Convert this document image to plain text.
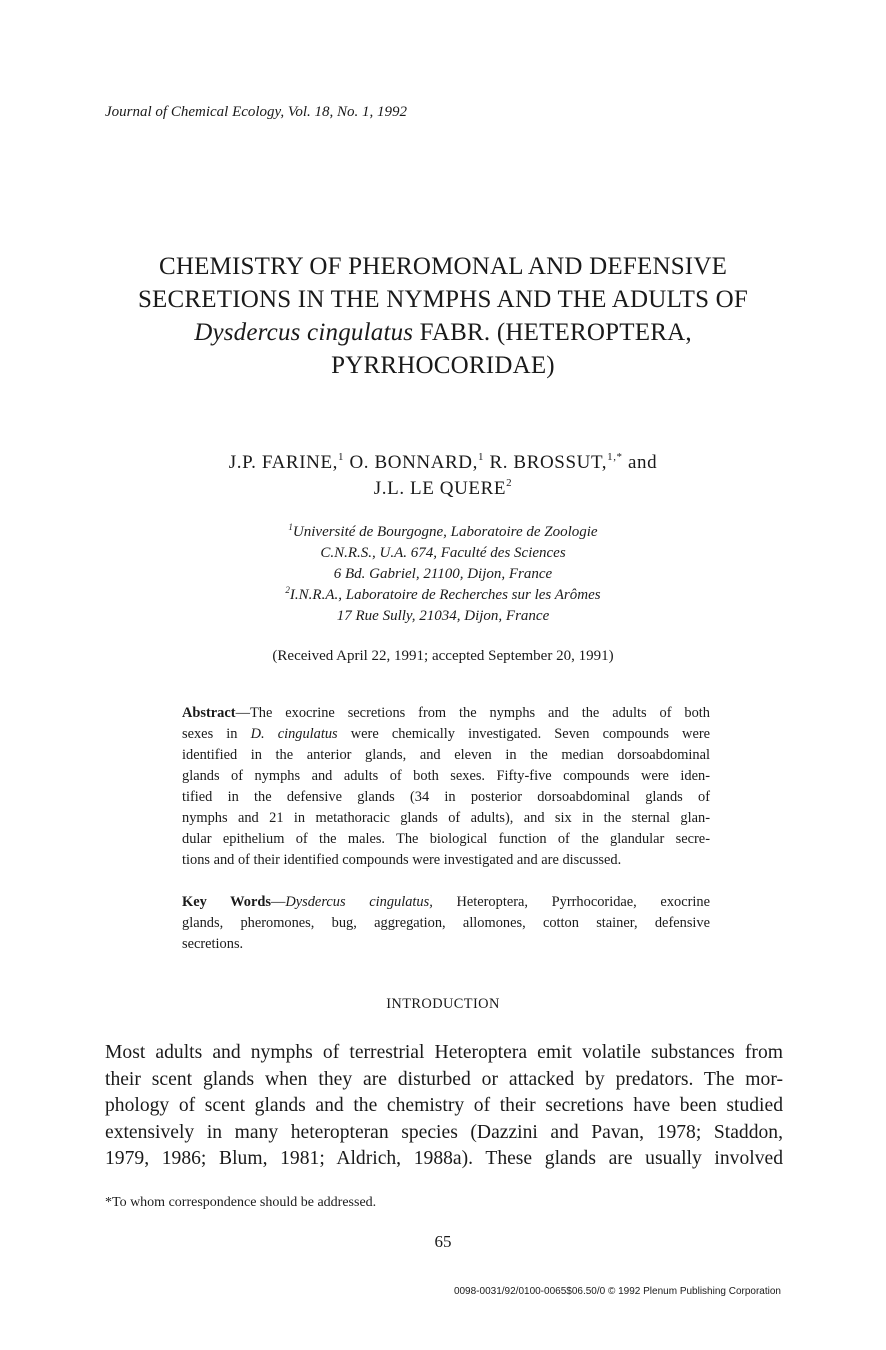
Journal of Chemical Ecology, Vol. 18, No. 1, 1992
CHEMISTRY OF PHEROMONAL AND DEFENSIVE
SECRETIONS IN THE NYMPHS AND THE ADULTS OF
Dysdercus cingulatus FABR. (HETEROPTERA,
PYRRHOCORIDAE)
J.P. FARINE,$^1$ O. BONNARD,$^1$ R. BROSSUT,$^{1,*}$ and
J.L. LE QUERE$^2$
$^1$Université de Bourgogne, Laboratoire de Zoologie
C.N.R.S., U.A. 674, Faculté des Sciences
6 Bd. Gabriel, 21100, Dijon, France
$^2$I.N.R.A., Laboratoire de Recherches sur les Arômes
17 Rue Sully, 21034, Dijon, France
(Received April 22, 1991; accepted September 20, 1991)
Abstract—The exocrine secretions from the nymphs and the adults of both
sexes in D. cingulatus were chemically investigated. Seven compounds were
identified in the anterior glands, and eleven in the median dorsoabdominal
glands of nymphs and adults of both sexes. Fifty-five compounds were iden-
tified in the defensive glands (34 in posterior dorsoabdominal glands of
nymphs and 21 in metathoracic glands of adults), and six in the sternal glan-
dular epithelium of the males. The biological function of the glandular secre-
tions and of their identified compounds were investigated and are discussed.
Key Words—Dysdercus cingulatus, Heteroptera, Pyrrhocoridae, exocrine
glands, pheromones, bug, aggregation, allomones, cotton stainer, defensive
secretions.
INTRODUCTION
Most adults and nymphs of terrestrial Heteroptera emit volatile substances from
their scent glands when they are disturbed or attacked by predators. The mor-
phology of scent glands and the chemistry of their secretions have been studied
extensively in many heteropteran species (Dazzini and Pavan, 1978; Staddon,
1979, 1986; Blum, 1981; Aldrich, 1988a). These glands are usually involved
*To whom correspondence should be addressed.
65
0098-0031/92/0100-0065$06.50/0 © 1992 Plenum Publishing Corporation
